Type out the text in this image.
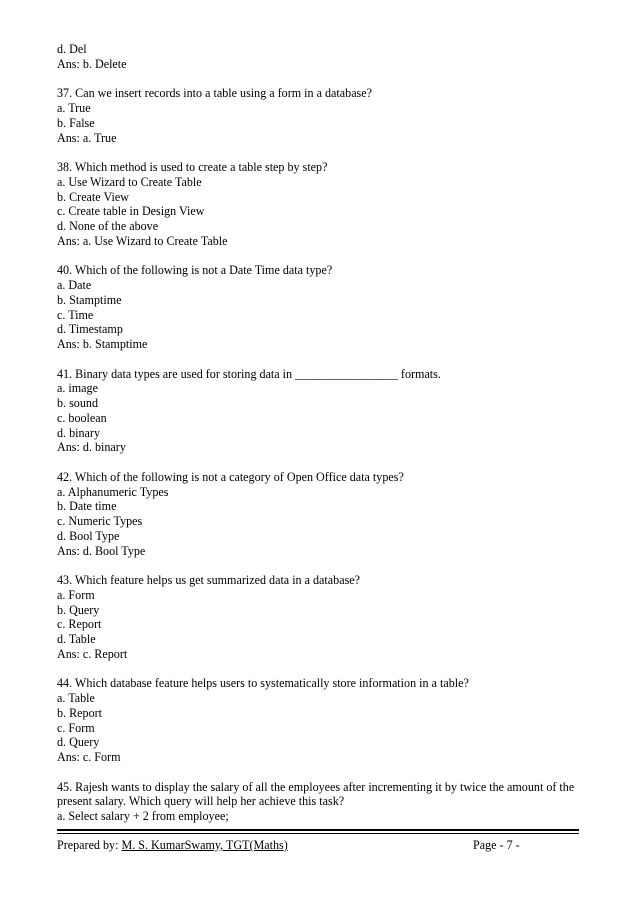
d. Del
Ans: b. Delete
37. Can we insert records into a table using a form in a database?
a. True
b. False
Ans: a. True
38. Which method is used to create a table step by step?
a. Use Wizard to Create Table
b. Create View
c. Create table in Design View
d. None of the above
Ans: a. Use Wizard to Create Table
40. Which of the following is not a Date Time data type?
a. Date
b. Stamptime
c. Time
d. Timestamp
Ans: b. Stamptime
41. Binary data types are used for storing data in _________________ formats.
a. image
b. sound
c. boolean
d. binary
Ans: d. binary
42. Which of the following is not a category of Open Office data types?
a. Alphanumeric Types
b. Date time
c. Numeric Types
d. Bool Type
Ans: d. Bool Type
43. Which feature helps us get summarized data in a database?
a. Form
b. Query
c. Report
d. Table
Ans: c. Report
44. Which database feature helps users to systematically store information in a table?
a. Table
b. Report
c. Form
d. Query
Ans: c. Form
45. Rajesh wants to display the salary of all the employees after incrementing it by twice the amount of the present salary. Which query will help her achieve this task?
a. Select salary + 2 from employee;
Prepared by: M. S. KumarSwamy, TGT(Maths)	Page - 7 -
